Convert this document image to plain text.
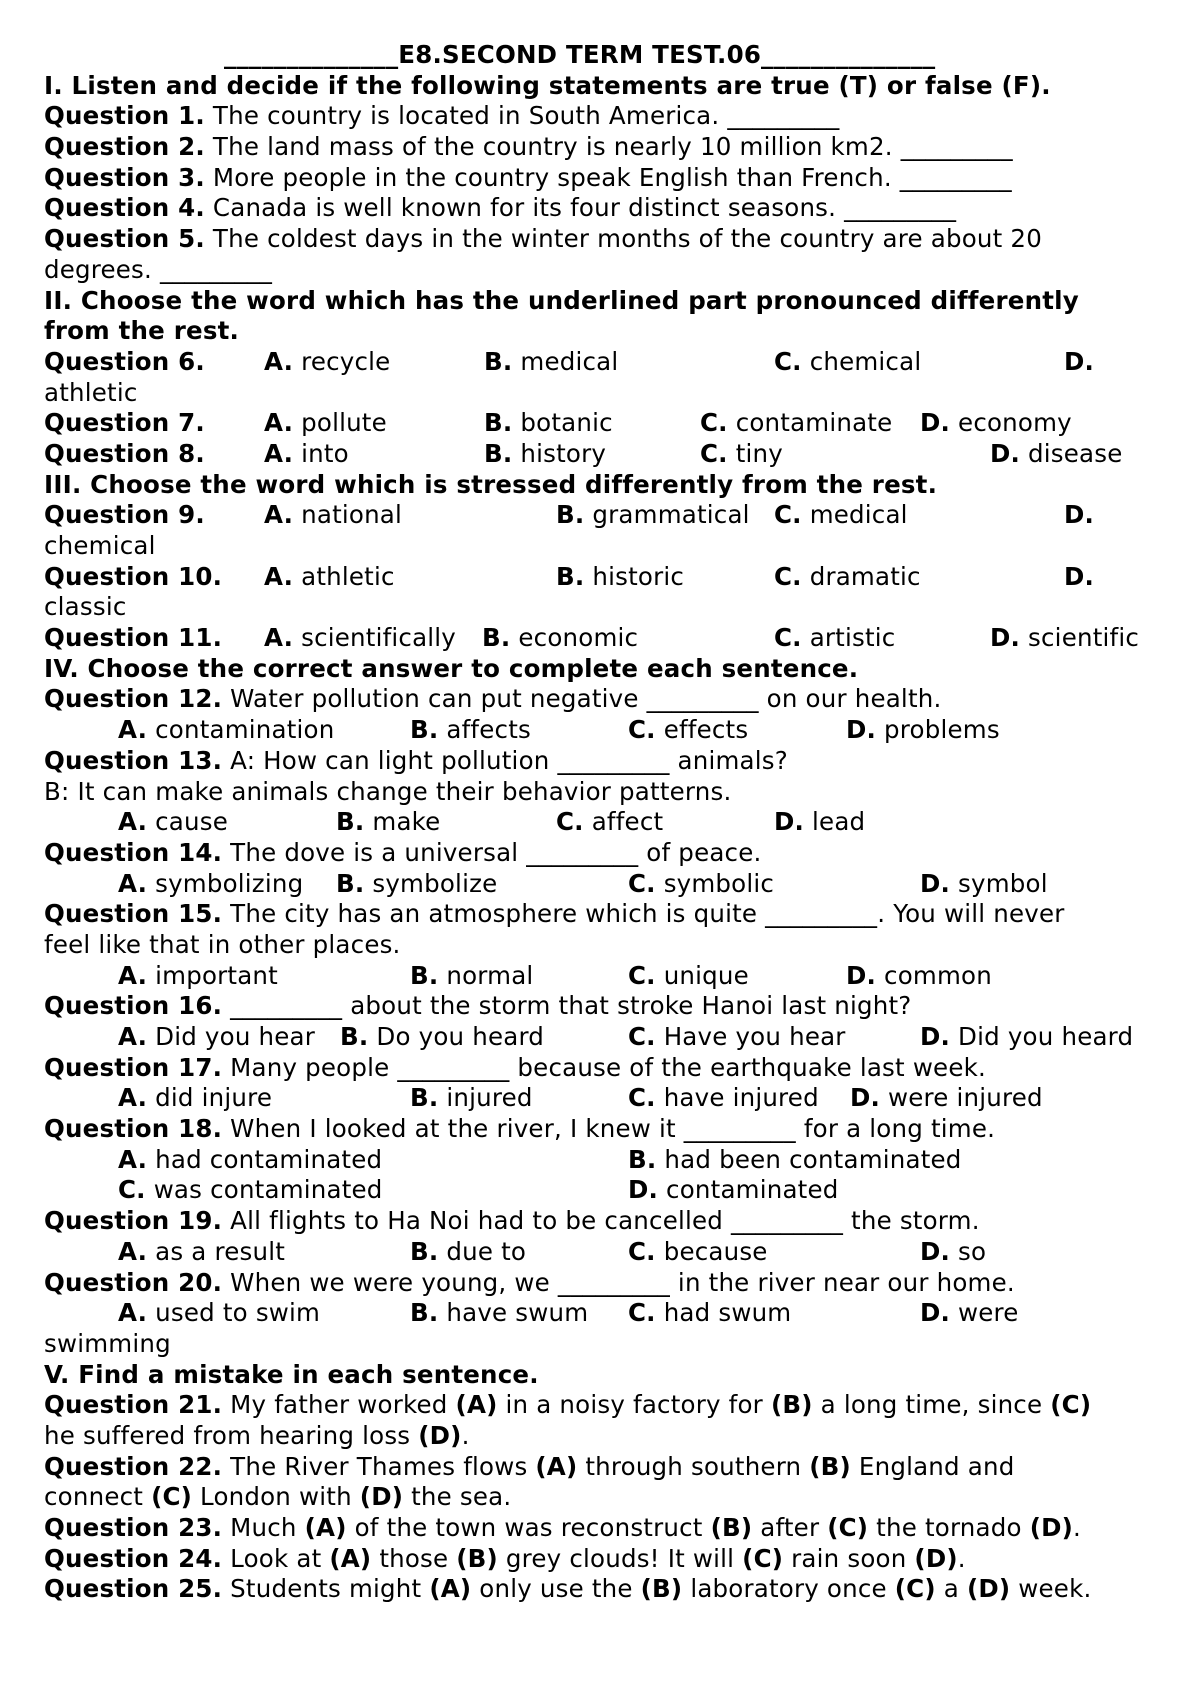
______________E8.SECOND TERM TEST.06______________
I. Listen and decide if the following statements are true (T) or false (F).
Question 1. The country is located in South America. _________
Question 2. The land mass of the country is nearly 10 million km2. _________
Question 3. More people in the country speak English than French. _________
Question 4. Canada is well known for its four distinct seasons. _________
Question 5. The coldest days in the winter months of the country are about 20
degrees. _________
II. Choose the word which has the underlined part pronounced differently
from the rest.
Question 6. A. recycle	B. medical	C. chemical	D.
athletic
Question 7. A. pollute	B. botanic	C. contaminate D. economy
Question 8. A. into	B. history	C. tiny	D. disease
III. Choose the word which is stressed differently from the rest.
Question 9. A. national	B. grammatical C. medical	D.
chemical
Question 10. A. athletic	B. historic	C. dramatic	D.
classic
Question 11. A. scientifically B. economic	C. artistic	D. scientific
IV. Choose the correct answer to complete each sentence.
Question 12. Water pollution can put negative _________ on our health.
A. contamination	B. affects	C. effects	D. problems
Question 13. A: How can light pollution _________ animals?
B: It can make animals change their behavior patterns.
A. cause	B. make	C. affect	D. lead
Question 14. The dove is a universal _________ of peace.
A. symbolizing B. symbolize	C. symbolic	D. symbol
Question 15. The city has an atmosphere which is quite _________. You will never
feel like that in other places.
A. important	B. normal	C. unique	D. common
Question 16. _________ about the storm that stroke Hanoi last night?
A. Did you hear B. Do you heard	C. Have you hear	D. Did you heard
Question 17. Many people _________ because of the earthquake last week.
A. did injure	B. injured	C. have injured D. were injured
Question 18. When I looked at the river, I knew it _________ for a long time.
A. had contaminated	B. had been contaminated
C. was contaminated	D. contaminated
Question 19. All flights to Ha Noi had to be cancelled _________ the storm.
A. as a result	B. due to	C. because	D. so
Question 20. When we were young, we _________ in the river near our home.
A. used to swim	B. have swum C. had swum	D. were
swimming
V. Find a mistake in each sentence.
Question 21. My father worked (A) in a noisy factory for (B) a long time, since (C)
he suffered from hearing loss (D).
Question 22. The River Thames flows (A) through southern (B) England and
connect (C) London with (D) the sea.
Question 23. Much (A) of the town was reconstruct (B) after (C) the tornado (D).
Question 24. Look at (A) those (B) grey clouds! It will (C) rain soon (D).
Question 25. Students might (A) only use the (B) laboratory once (C) a (D) week.
